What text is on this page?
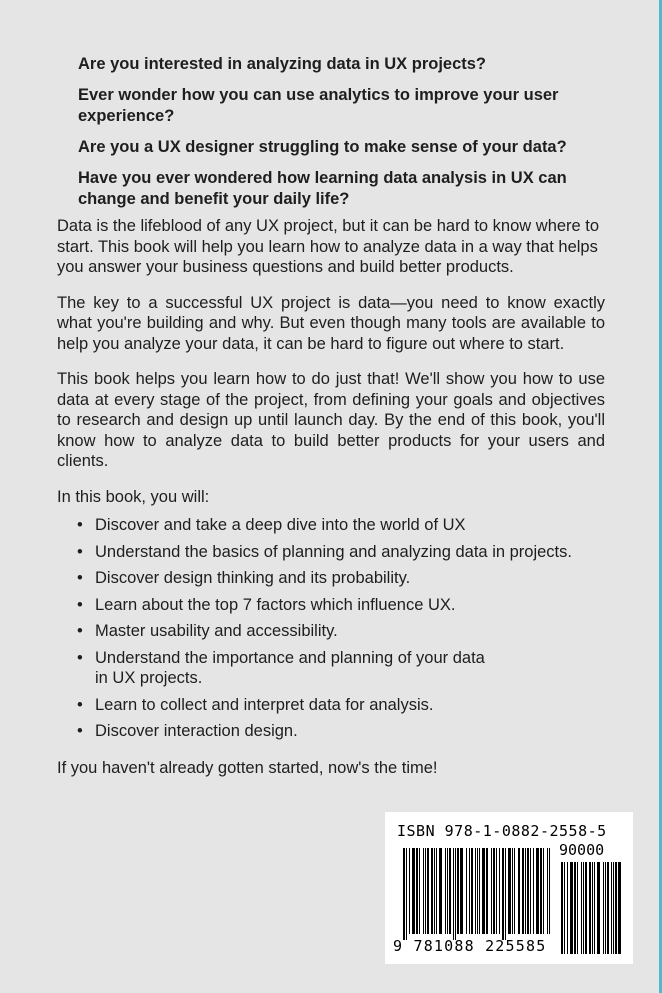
Are you interested in analyzing data in UX projects?

Ever wonder how you can use analytics to improve your user experience?

Are you a UX designer struggling to make sense of your data?

Have you ever wondered how learning data analysis in UX can change and benefit your daily life?

Data is the lifeblood of any UX project, but it can be hard to know where to start. This book will help you learn how to analyze data in a way that helps you answer your business questions and build better products.

The key to a successful UX project is data—you need to know exactly what you're building and why. But even though many tools are available to help you analyze your data, it can be hard to figure out where to start.

This book helps you learn how to do just that! We'll show you how to use data at every stage of the project, from defining your goals and objectives to research and design up until launch day. By the end of this book, you'll know how to analyze data to build better products for your users and clients.

In this book, you will:

• Discover and take a deep dive into the world of UX
• Understand the basics of planning and analyzing data in projects.
• Discover design thinking and its probability.
• Learn about the top 7 factors which influence UX.
• Master usability and accessibility.
• Understand the importance and planning of your data in UX projects.
• Learn to collect and interpret data for analysis.
• Discover interaction design.

If you haven't already gotten started, now's the time!

ISBN 978-1-0882-2558-5
90000
9 781088 225585
